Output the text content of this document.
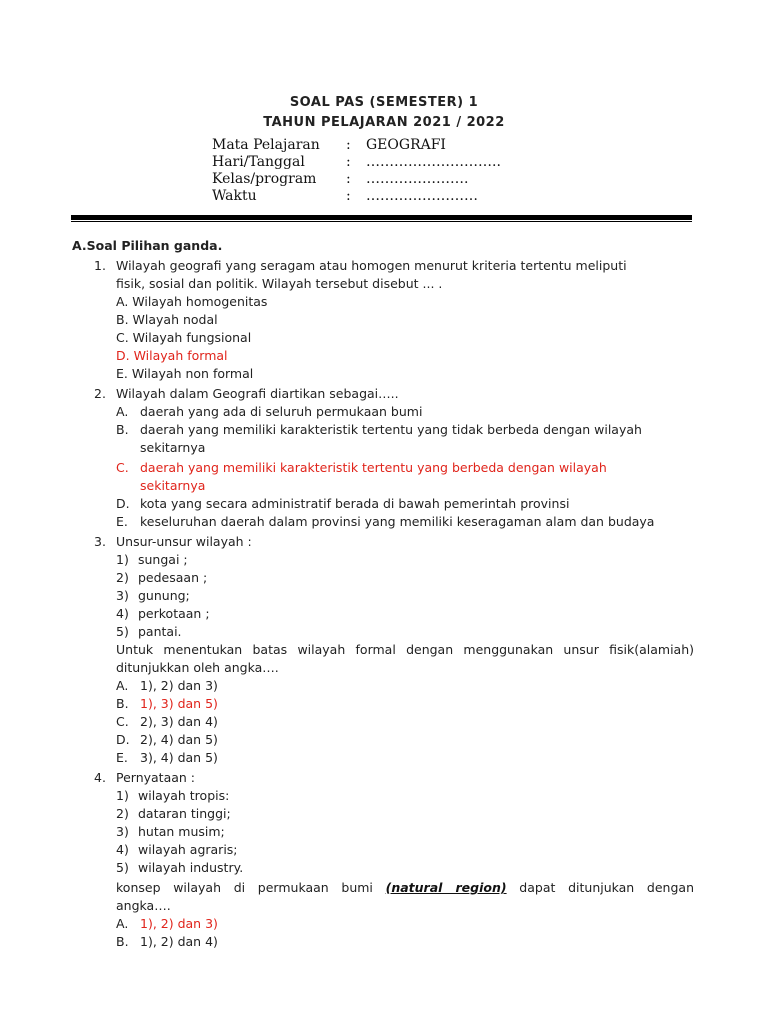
SOAL PAS (SEMESTER) 1
TAHUN PELAJARAN 2021 / 2022
Mata Pelajaran : GEOGRAFI
Hari/Tanggal	: ………………………..
Kelas/program : ………………….
Waktu	: ……………………
A.Soal Pilihan ganda.
1. Wilayah geografi yang seragam atau homogen menurut kriteria tertentu meliputi
fisik, sosial dan politik. Wilayah tersebut disebut ... .
A. Wilayah homogenitas
B. Wlayah nodal
C. Wilayah fungsional
D. Wilayah formal
E. Wilayah non formal
2. Wilayah dalam Geografi diartikan sebagai…..
A. daerah yang ada di seluruh permukaan bumi
B. daerah yang memiliki karakteristik tertentu yang tidak berbeda dengan wilayah
sekitarnya
C. daerah yang memiliki karakteristik tertentu yang berbeda dengan wilayah
sekitarnya
D. kota yang secara administratif berada di bawah pemerintah provinsi
E. keseluruhan daerah dalam provinsi yang memiliki keseragaman alam dan budaya
3. Unsur-unsur wilayah :
1) sungai ;
2) pedesaan ;
3) gunung;
4) perkotaan ;
5) pantai.
Untuk menentukan batas wilayah formal dengan menggunakan unsur fisik(alamiah)
ditunjukkan oleh angka….
A. 1), 2) dan 3)
B. 1), 3) dan 5)
C. 2), 3) dan 4)
D. 2), 4) dan 5)
E. 3), 4) dan 5)
4. Pernyataan :
1) wilayah tropis:
2) dataran tinggi;
3) hutan musim;
4) wilayah agraris;
5) wilayah industry.
konsep wilayah di permukaan bumi (natural region) dapat ditunjukan dengan
angka….
A. 1), 2) dan 3)
B. 1), 2) dan 4)
